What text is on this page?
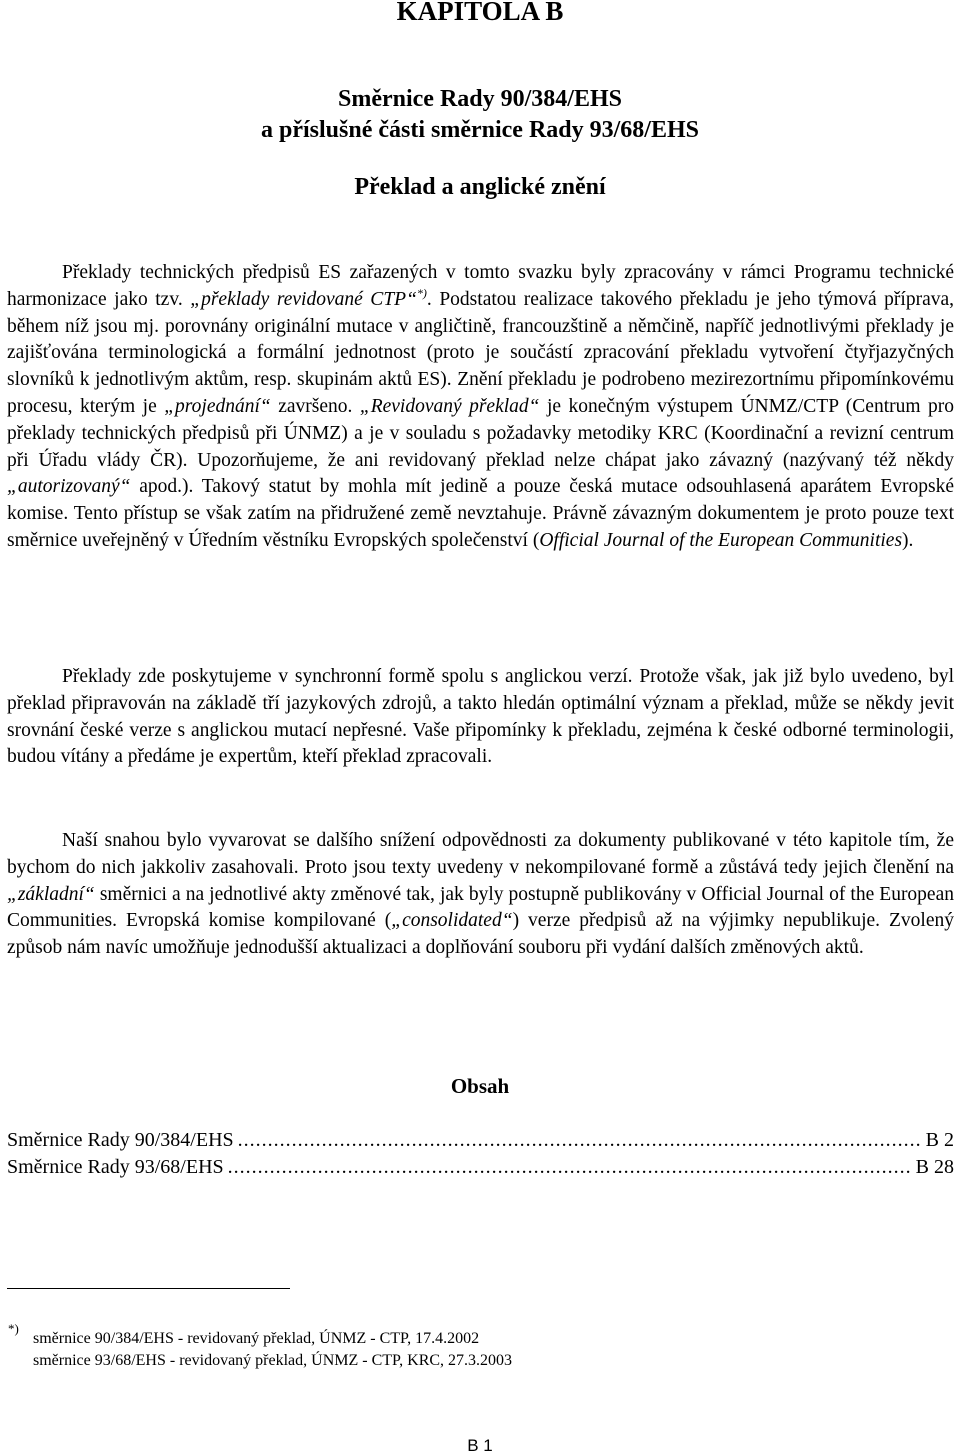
KAPITOLA B
Směrnice Rady 90/384/EHS
a příslušné části směrnice Rady 93/68/EHS
Překlad a anglické znění

Překlady technických předpisů ES zařazených v tomto svazku byly zpracovány v rámci Programu technické harmonizace jako tzv. „překlady revidované CTP“*). Podstatou realizace takového překladu je jeho týmová příprava, během níž jsou mj. porovnány originální mutace v angličtině, francouzštině a němčině, napříč jednotlivými překlady je zajišťována terminologická a formální jednotnost (proto je součástí zpracování překladu vytvoření čtyřjazyčných slovníků k jednotlivým aktům, resp. skupinám aktů ES). Znění překladu je podrobeno mezirezortnímu připomínkovému procesu, kterým je „projednání“ završeno. „Revidovaný překlad“ je konečným výstupem ÚNMZ/CTP (Centrum pro překlady technických předpisů při ÚNMZ) a je v souladu s požadavky metodiky KRC (Koordinační a revizní centrum při Úřadu vlády ČR). Upozorňujeme, že ani revidovaný překlad nelze chápat jako závazný (nazývaný též někdy „autorizovaný“ apod.). Takový statut by mohla mít jedině a pouze česká mutace odsouhlasená aparátem Evropské komise. Tento přístup se však zatím na přidružené země nevztahuje. Právně závazným dokumentem je proto pouze text směrnice uveřejněný v Úředním věstníku Evropských společenství (Official Journal of the European Communities).

Překlady zde poskytujeme v synchronní formě spolu s anglickou verzí. Protože však, jak již bylo uvedeno, byl překlad připravován na základě tří jazykových zdrojů, a takto hledán optimální význam a překlad, může se někdy jevit srovnání české verze s anglickou mutací nepřesné. Vaše připomínky k překladu, zejména k české odborné terminologii, budou vítány a předáme je expertům, kteří překlad zpracovali.

Naší snahou bylo vyvarovat se dalšího snížení odpovědnosti za dokumenty publikované v této kapitole tím, že bychom do nich jakkoliv zasahovali. Proto jsou texty uvedeny v nekompilované formě a zůstává tedy jejich členění na „základní“ směrnici a na jednotlivé akty změnové tak, jak byly postupně publikovány v Official Journal of the European Communities. Evropská komise kompilované („consolidated“) verze předpisů až na výjimky nepublikuje. Zvolený způsob nám navíc umožňuje jednodušší aktualizaci a doplňování souboru při vydání dalších změnových aktů.

Obsah
Směrnice Rady 90/384/EHS .....	B 2
Směrnice Rady 93/68/EHS .....	B 28
*)
směrnice 90/384/EHS - revidovaný překlad, ÚNMZ - CTP, 17.4.2002
směrnice 93/68/EHS - revidovaný překlad, ÚNMZ - CTP, KRC, 27.3.2003
B 1
